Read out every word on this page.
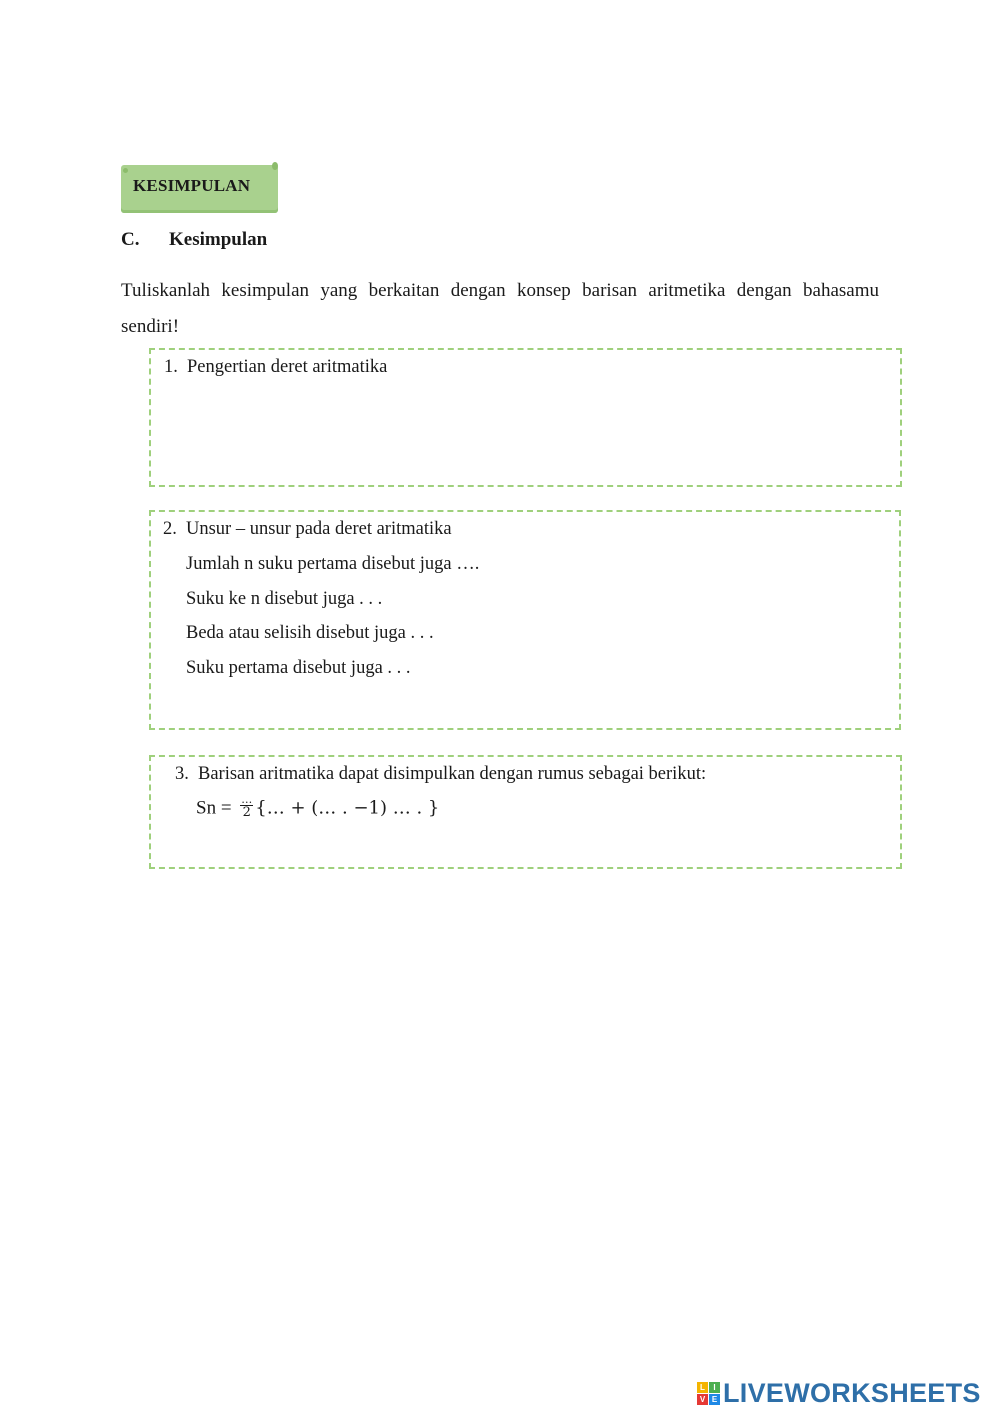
KESIMPULAN
C. Kesimpulan
Tuliskanlah kesimpulan yang berkaitan dengan konsep barisan aritmetika dengan bahasamu
sendiri!
1. Pengertian deret aritmatika
2. Unsur – unsur pada deret aritmatika
Jumlah n suku pertama disebut juga ….
Suku ke n disebut juga . . .
Beda atau selisih disebut juga . . .
Suku pertama disebut juga . . .
3. Barisan aritmatika dapat disimpulkan dengan rumus sebagai berikut:
$Sn = \frac{\dots}{2}$ {… + (… . −1) … . }
L	I
V E LIVEWORKSHEETS
